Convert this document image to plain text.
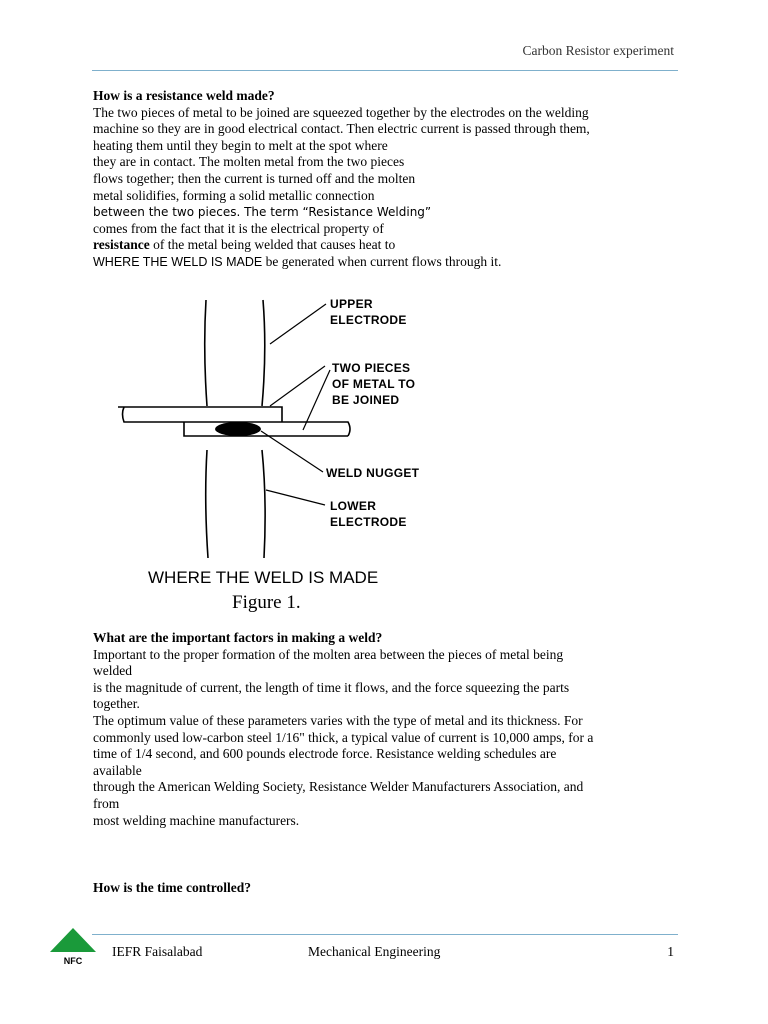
Carbon Resistor experiment

How is a resistance weld made?

The two pieces of metal to be joined are squeezed together by the electrodes on the welding

machine so they are in good electrical contact. Then electric current is passed through them,

heating them until they begin to melt at the spot where

they are in contact. The molten metal from the two pieces

flows together; then the current is turned off and the molten

metal solidifies, forming a solid metallic connection

between the two pieces. The term “Resistance Welding”

comes from the fact that it is the electrical property of

resistance of the metal being welded that causes heat to

WHERE THE WELD IS MADE be generated when current flows through it.

UPPER
ELECTRODE
TWO PIECES
OF METAL TO
BE JOINED
WELD NUGGET
LOWER
ELECTRODE
WHERE THE WELD IS MADE
Figure 1.

What are the important factors in making a weld?

Important to the proper formation of the molten area between the pieces of metal being

welded

is the magnitude of current, the length of time it flows, and the force squeezing the parts

together.

The optimum value of these parameters varies with the type of metal and its thickness. For

commonly used low-carbon steel 1/16" thick, a typical value of current is 10,000 amps, for a

time of 1/4 second, and 600 pounds electrode force. Resistance welding schedules are

available

through the American Welding Society, Resistance Welder Manufacturers Association, and

from

most welding machine manufacturers.

How is the time controlled?
NFC
IEFR Faisalabad	Mechanical Engineering	1
